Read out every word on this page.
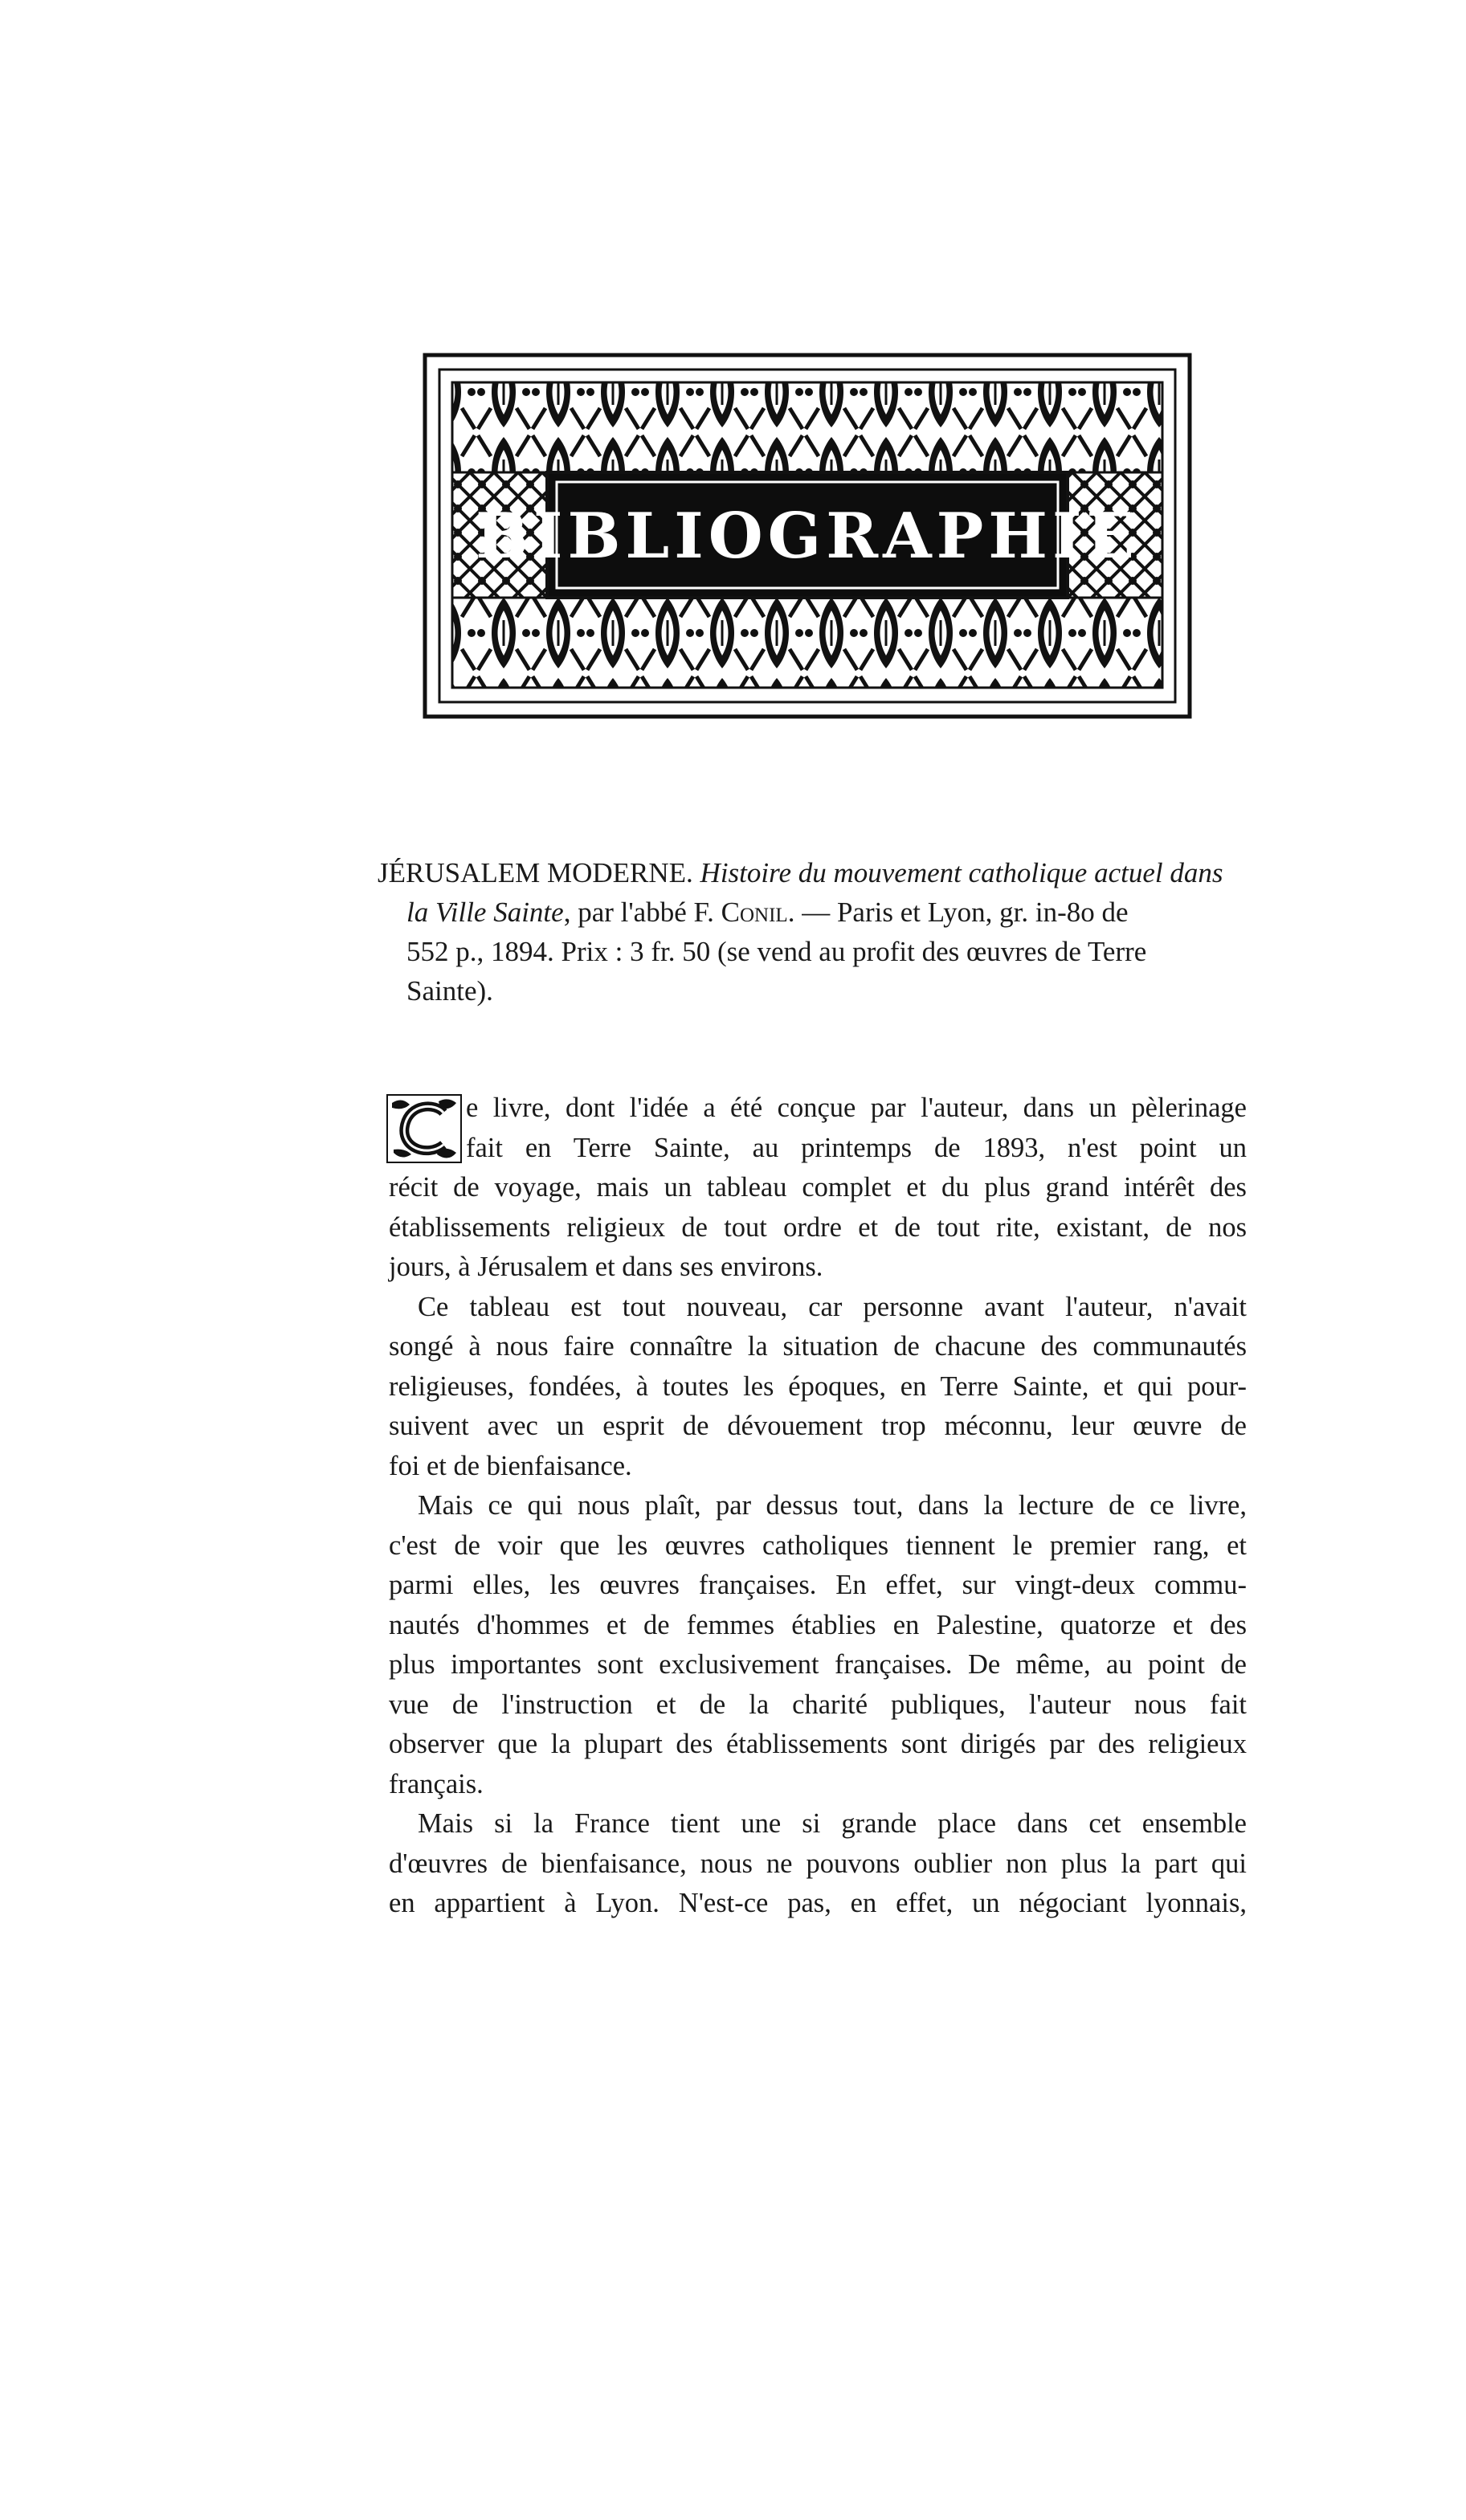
BIBLIOGRAPHIE
JÉRUSALEM MODERNE. Histoire du mouvement catholique actuel dans
la Ville Sainte, par l'abbé F. Conil. — Paris et Lyon, gr. in-8o de
552 p., 1894. Prix : 3 fr. 50 (se vend au profit des œuvres de Terre
Sainte).
e livre, dont l'idée a été conçue par l'auteur, dans un pèlerinage
fait en Terre Sainte, au printemps de 1893, n'est point un
récit de voyage, mais un tableau complet et du plus grand intérêt des
établissements religieux de tout ordre et de tout rite, existant, de nos
jours, à Jérusalem et dans ses environs.
Ce tableau est tout nouveau, car personne avant l'auteur, n'avait
songé à nous faire connaître la situation de chacune des communautés
religieuses, fondées, à toutes les époques, en Terre Sainte, et qui pour-
suivent avec un esprit de dévouement trop méconnu, leur œuvre de
foi et de bienfaisance.
Mais ce qui nous plaît, par dessus tout, dans la lecture de ce livre,
c'est de voir que les œuvres catholiques tiennent le premier rang, et
parmi elles, les œuvres françaises. En effet, sur vingt-deux commu-
nautés d'hommes et de femmes établies en Palestine, quatorze et des
plus importantes sont exclusivement françaises. De même, au point de
vue de l'instruction et de la charité publiques, l'auteur nous fait
observer que la plupart des établissements sont dirigés par des religieux
français.
Mais si la France tient une si grande place dans cet ensemble
d'œuvres de bienfaisance, nous ne pouvons oublier non plus la part qui
en appartient à Lyon. N'est-ce pas, en effet, un négociant lyonnais,
